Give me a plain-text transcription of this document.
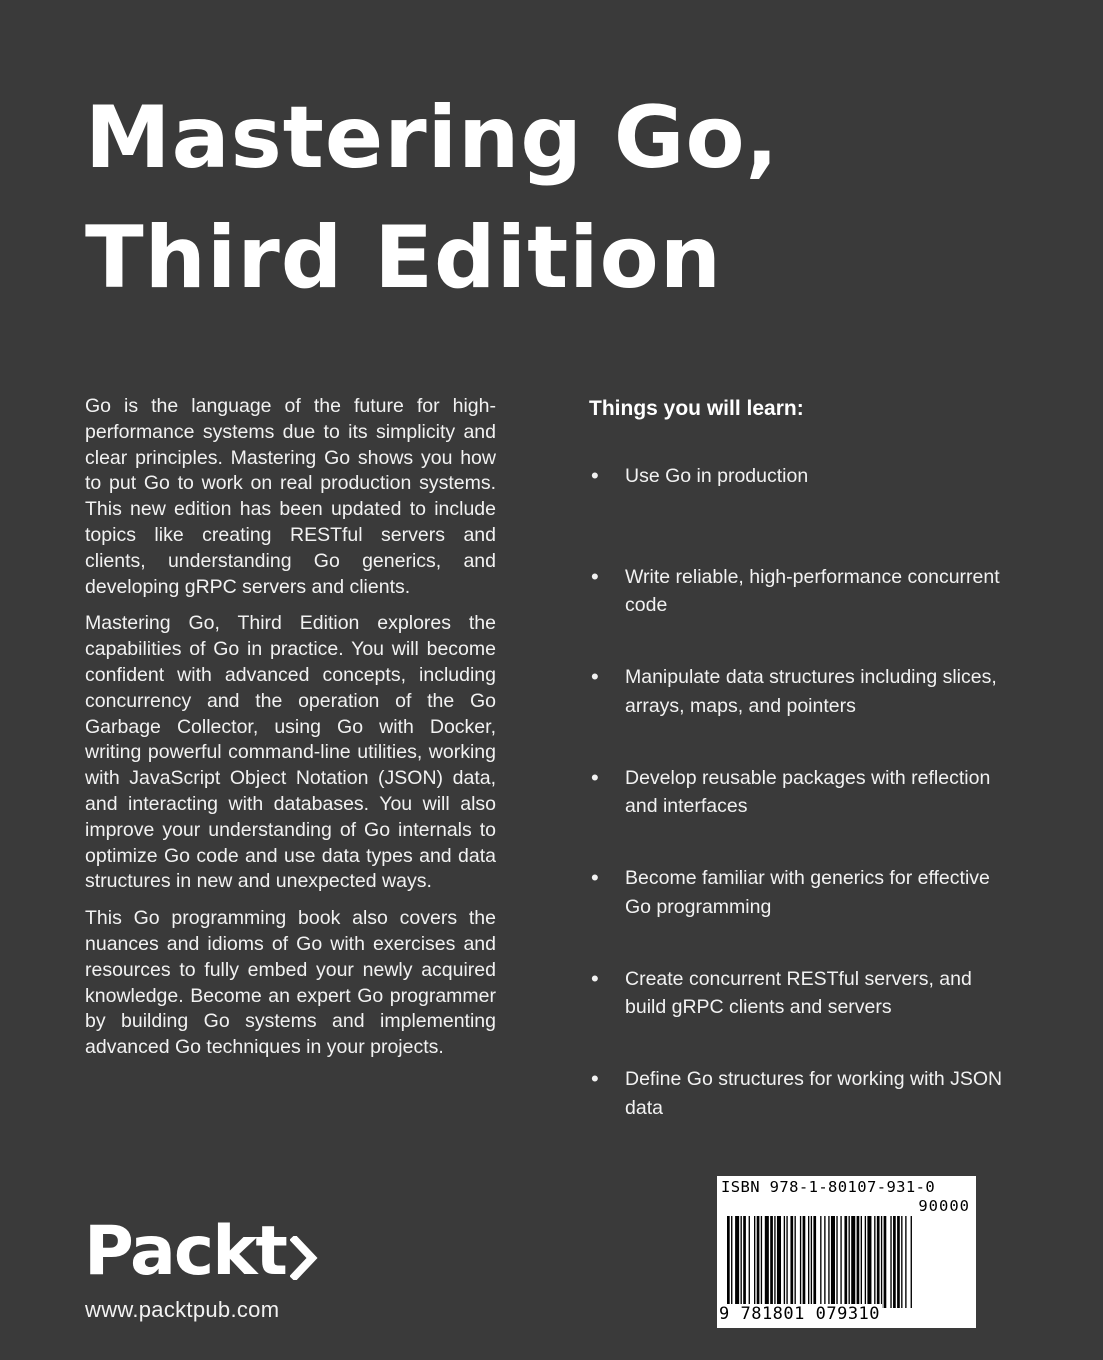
Mastering Go,
Third Edition

Go is the language of the future for high-performance systems due to its simplicity and clear principles. Mastering Go shows you how to put Go to work on real production systems. This new edition has been updated to include topics like creating RESTful servers and clients, understanding Go generics, and developing gRPC servers and clients.

Mastering Go, Third Edition explores the capabilities of Go in practice. You will become confident with advanced concepts, including concurrency and the operation of the Go Garbage Collector, using Go with Docker, writing powerful command-line utilities, working with JavaScript Object Notation (JSON) data, and interacting with databases. You will also improve your understanding of Go internals to optimize Go code and use data types and data structures in new and unexpected ways.

This Go programming book also covers the nuances and idioms of Go with exercises and resources to fully embed your newly acquired knowledge. Become an expert Go programmer by building Go systems and implementing advanced Go techniques in your projects.

Things you will learn:
• Use Go in production
• Write reliable, high-performance concurrent code
• Manipulate data structures including slices, arrays, maps, and pointers
• Develop reusable packages with reflection and interfaces
• Become familiar with generics for effective Go programming
• Create concurrent RESTful servers, and build gRPC clients and servers
• Define Go structures for working with JSON data
ISBN 978-1-80107-931-0
90000
9 781801 079310
Packt
www.packtpub.com
